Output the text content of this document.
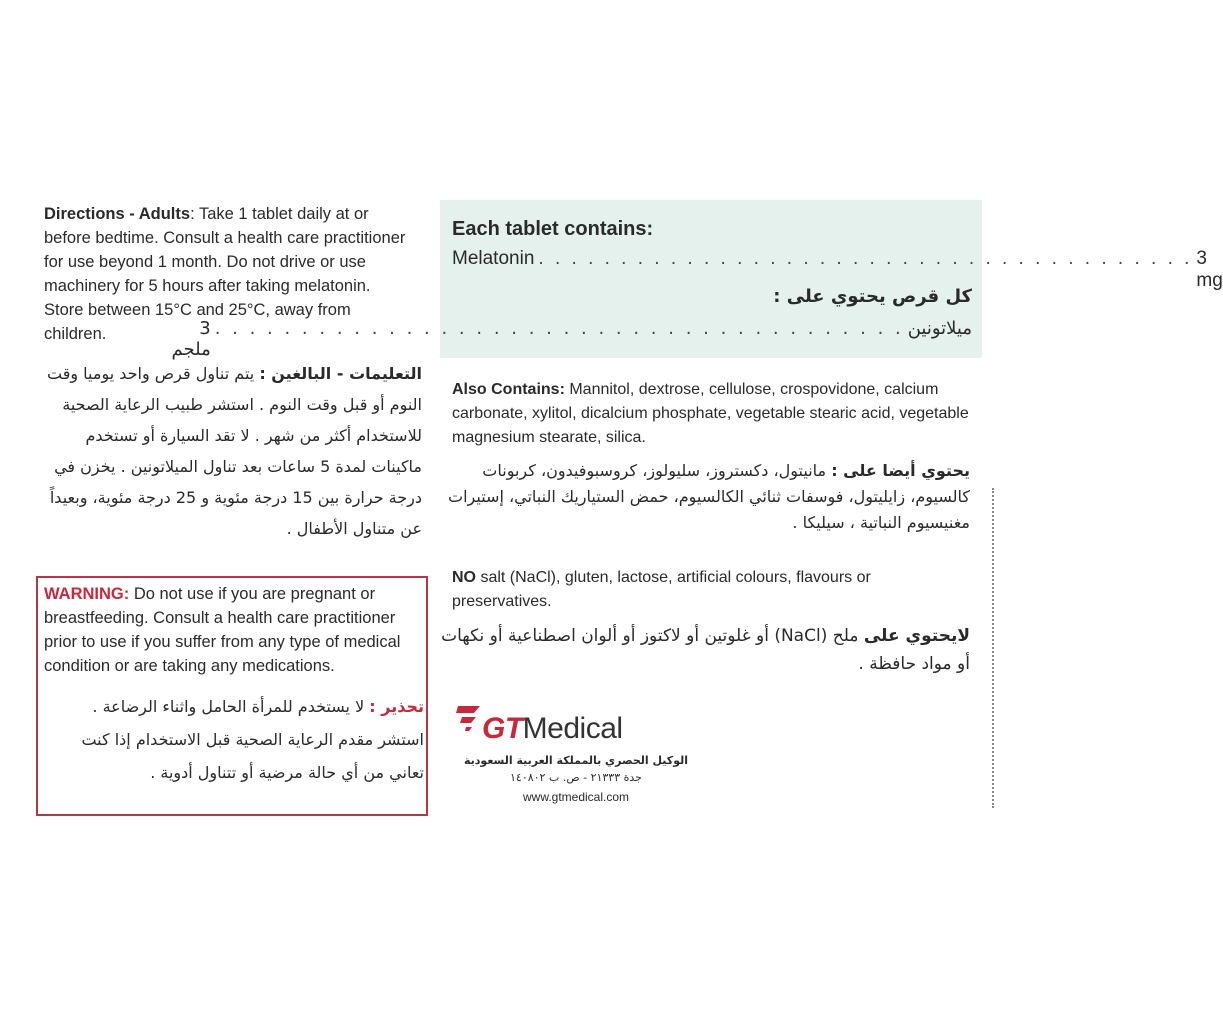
Directions - Adults: Take 1 tablet daily at or before bedtime. Consult a health care practitioner for use beyond 1 month. Do not drive or use machinery for 5 hours after taking melatonin. Store between 15°C and 25°C, away from children.
التعليمات - البالغين : يتم تناول قرص واحد يوميا وقت النوم أو قبل وقت النوم . استشر طبيب الرعاية الصحية للاستخدام أكثر من شهر . لا تقد السيارة أو تستخدم ماكينات لمدة 5 ساعات بعد تناول الميلاتونين . يخزن في درجة حرارة بين 15 درجة مئوية و 25 درجة مئوية، وبعيداً عن متناول الأطفال .
WARNING: Do not use if you are pregnant or breastfeeding. Consult a health care practitioner prior to use if you suffer from any type of medical condition or are taking any medications.
تحذير : لا يستخدم للمرأة الحامل واثناء الرضاعة . استشر مقدم الرعاية الصحية قبل الاستخدام إذا كنت تعاني من أي حالة مرضية أو تتناول أدوية .
Each tablet contains:
Melatonin . . . . . . . . . . . . . . . . . . . . . . . . . . . . . . . . . . . . . . . . 3 mg
كل قرص يحتوي على :
ميلاتونين
. . . . . . . . . . . . . . . . . . . . . . . . . . . . . . . . . . . . . . . .
3 ملجم
Also Contains: Mannitol, dextrose, cellulose, crospovidone, calcium carbonate, xylitol, dicalcium phosphate, vegetable stearic acid, vegetable magnesium stearate, silica.
يحتوي أيضا على : مانيتول، دكستروز، سليولوز، كروسبوفيدون، كربونات كالسيوم، زايليتول، فوسفات ثنائي الكالسيوم، حمض الستياريك النباتي، إستيرات مغنيسيوم النباتية ، سيليكا .
NO salt (NaCl), gluten, lactose, artificial colours, flavours or preservatives.
لايحتوي على ملح (NaCl) أو غلوتين أو لاكتوز أو ألوان اصطناعية أو نكهات أو مواد حافظة .
GTMedical
الوكيل الحصري بالمملكة العربية السعودية
جدة ٢١٣٣٣ - ص. ب ١٤٠٨٠٢
www.gtmedical.com
